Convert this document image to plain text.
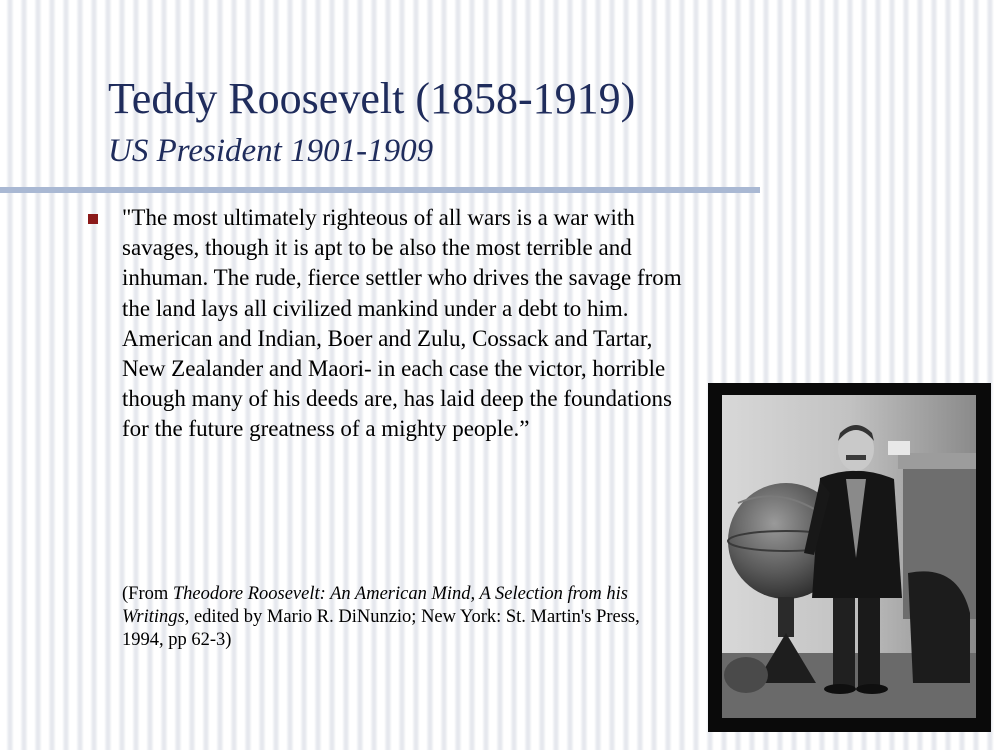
Teddy Roosevelt (1858-1919)
US President 1901-1909

"The most ultimately righteous of all wars is a war with savages, though it is apt to be also the most terrible and inhuman. The rude, fierce settler who drives the savage from the land lays all civilized mankind under a debt to him. American and Indian, Boer and Zulu, Cossack and Tartar, New Zealander and Maori- in each case the victor, horrible though many of his deeds are, has laid deep the foundations for the future greatness of a mighty people.”

(From Theodore Roosevelt: An American Mind, A Selection from his Writings, edited by Mario R. DiNunzio; New York: St. Martin's Press, 1994, pp 62-3)
